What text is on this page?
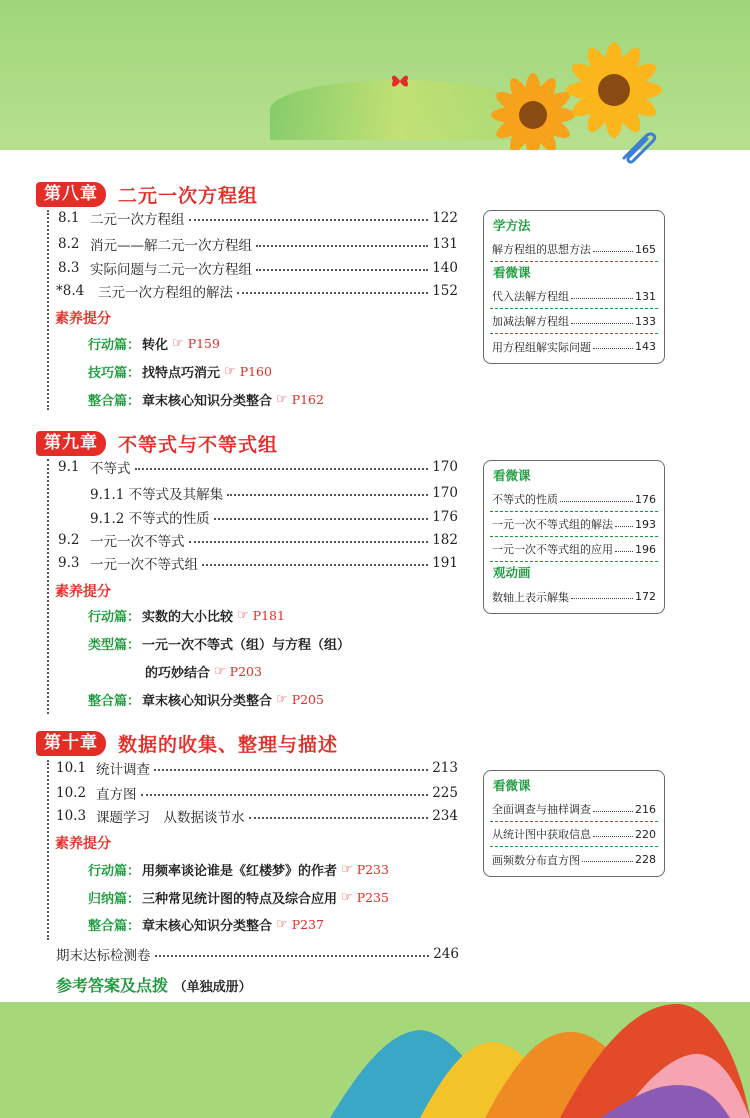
第八章	二元一次方程组
8.1 二元一次方程组	122
8.2 消元——解二元一次方程组	131
8.3 实际问题与二元一次方程组	140
*8.4	三元一次方程组的解法	152
素养提分
行动篇： 转化 ☞ P159
技巧篇： 找特点巧消元 ☞ P160
整合篇： 章末核心知识分类整合 ☞ P162
学方法
解方程组的思想方法	165
看微课
代入法解方程组	131
加减法解方程组	133
用方程组解实际问题	143
第九章	不等式与不等式组
9.1 不等式	170
9.1.1 不等式及其解集	170
9.1.2 不等式的性质	176
9.2 一元一次不等式	182
9.3 一元一次不等式组	191
素养提分
行动篇： 实数的大小比较 ☞ P181
类型篇： 一元一次不等式（组）与方程（组）
的巧妙结合 ☞ P203
整合篇： 章末核心知识分类整合 ☞ P205
看微课
不等式的性质	176
一元一次不等式组的解法 193
一元一次不等式组的应用 196
观动画
数轴上表示解集	172
第十章	数据的收集、整理与描述
10.1 统计调查	213
10.2 直方图	225
10.3 课题学习　从数据谈节水	234
素养提分
行动篇： 用频率谈论谁是《红楼梦》的作者 ☞ P233
归纳篇： 三种常见统计图的特点及综合应用 ☞ P235
整合篇： 章末核心知识分类整合 ☞ P237
看微课
全面调查与抽样调查	216
从统计图中获取信息	220
画频数分布直方图	228
期末达标检测卷	246
参考答案及点拨 （单独成册）
